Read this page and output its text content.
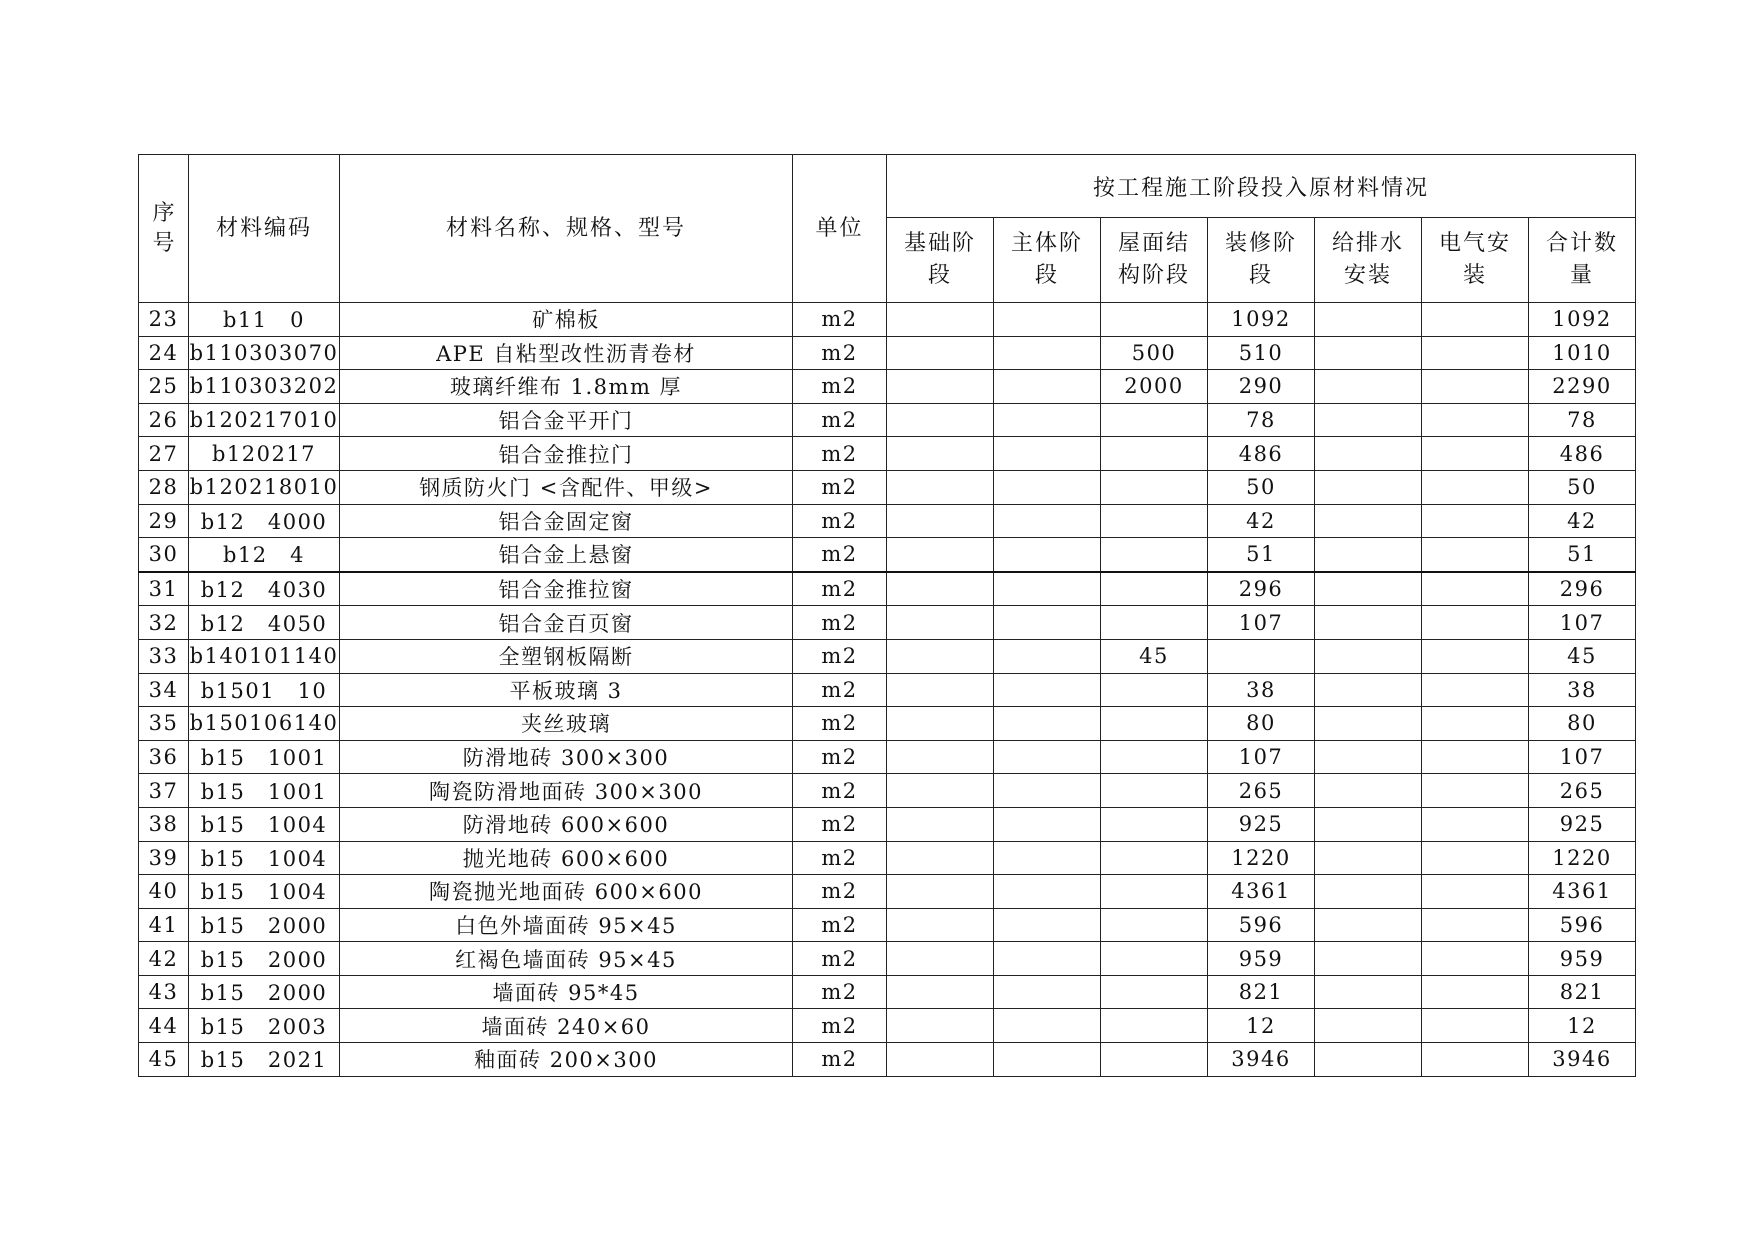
序号	材料编码	材料名称、规格、型号	单位	按工程施工阶段投入原材料情况						
				基础阶段	主体阶段	屋面结构阶段	装修阶段	给排水安装	电气安装	合计数量
23	b11　0	矿棉板	m2				1092			1092
24	b110303070	APE 自粘型改性沥青卷材	m2			500	510			1010
25	b110303202	玻璃纤维布 1.8mm 厚	m2			2000	290			2290
26	b120217010	铝合金平开门	m2				78			78
27	b120217	铝合金推拉门	m2				486			486
28	b120218010	钢质防火门 <含配件、甲级>	m2				50			50
29	b12　4000	铝合金固定窗	m2				42			42
30	b12　4	铝合金上悬窗	m2				51			51
31	b12　4030	铝合金推拉窗	m2				296			296
32	b12　4050	铝合金百页窗	m2				107			107
33	b140101140	全塑钢板隔断	m2			45				45
34	b1501　10	平板玻璃 3	m2				38			38
35	b150106140	夹丝玻璃	m2				80			80
36	b15　1001	防滑地砖 300×300	m2				107			107
37	b15　1001	陶瓷防滑地面砖 300×300	m2				265			265
38	b15　1004	防滑地砖 600×600	m2				925			925
39	b15　1004	抛光地砖 600×600	m2				1220			1220
40	b15　1004	陶瓷抛光地面砖 600×600	m2				4361			4361
41	b15　2000	白色外墙面砖 95×45	m2				596			596
42	b15　2000	红褐色墙面砖 95×45	m2				959			959
43	b15　2000	墙面砖 95*45	m2				821			821
44	b15　2003	墙面砖 240×60	m2				12			12
45	b15　2021	釉面砖 200×300	m2				3946			3946
